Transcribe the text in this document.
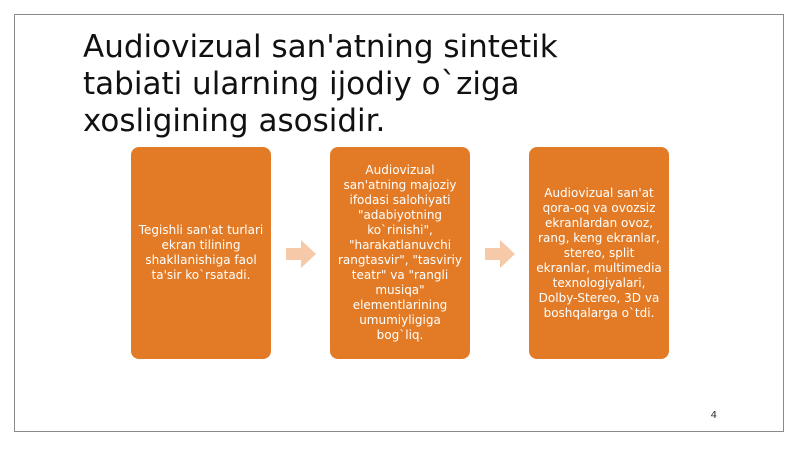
Audiovizual san'atning sintetik
tabiati ularning ijodiy o`ziga
xosligining asosidir.
Tegishli san'at turlari ekran tilining shakllanishiga faol ta'sir ko`rsatadi.
Audiovizual san'atning majoziy ifodasi salohiyati "adabiyotning ko`rinishi", "harakatlanuvchi rangtasvir", "tasviriy teatr" va "rangli musiqa" elementlarining umumiyligiga bog`liq.
Audiovizual san'at qora-oq va ovozsiz ekranlardan ovoz, rang, keng ekranlar, stereo, split ekranlar, multimedia texnologiyalari, Dolby-Stereo, 3D va boshqalarga o`tdi.
4
